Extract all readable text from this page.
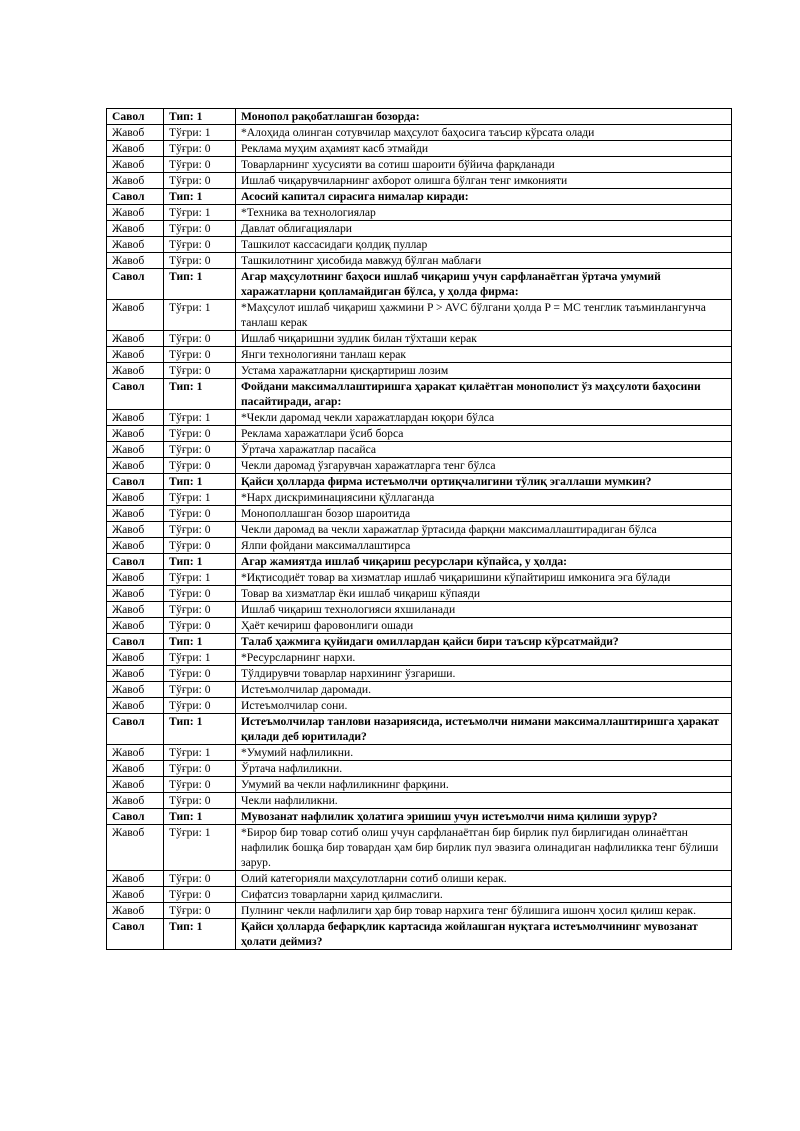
Савол	Тип: 1	Монопол рақобатлашган бозорда:
Жавоб	Тўғри: 1	*Алоҳида олинган сотувчилар маҳсулот баҳосига таъсир кўрсата олади
Жавоб	Тўғри: 0	Реклама муҳим аҳамият касб этмайди
Жавоб	Тўғри: 0	Товарларнинг хусусияти ва сотиш шароити бўйича фарқланади
Жавоб	Тўғри: 0	Ишлаб чиқарувчиларнинг ахборот олишга бўлган тенг имконияти
Савол	Тип: 1	Асосий капитал сирасига нималар киради:
Жавоб	Тўғри: 1	*Техника ва технологиялар
Жавоб	Тўғри: 0	Давлат облигациялари
Жавоб	Тўғри: 0	Ташкилот кассасидаги қолдиқ пуллар
Жавоб	Тўғри: 0	Ташкилотнинг ҳисобида мавжуд бўлган маблағи
Савол	Тип: 1	Агар маҳсулотнинг баҳоси ишлаб чиқариш учун сарфланаётган ўртача умумий харажатларни қопламайдиган бўлса, у ҳолда фирма:
Жавоб	Тўғри: 1	*Маҳсулот ишлаб чиқариш ҳажмини P > AVC бўлгани ҳолда P = MC тенглик таъминлангунча танлаш керак
Жавоб	Тўғри: 0	Ишлаб чиқаришни зудлик билан тўхташи керак
Жавоб	Тўғри: 0	Янги технологияни танлаш керак
Жавоб	Тўғри: 0	Устама харажатларни қисқартириш лозим
Савол	Тип: 1	Фойдани максималлаштиришга ҳаракат қилаётган монополист ўз маҳсулоти баҳосини пасайтиради, агар:
Жавоб	Тўғри: 1	*Чекли даромад чекли харажатлардан юқори бўлса
Жавоб	Тўғри: 0	Реклама харажатлари ўсиб борса
Жавоб	Тўғри: 0	Ўртача харажатлар пасайса
Жавоб	Тўғри: 0	Чекли даромад ўзгарувчан харажатларга тенг бўлса
Савол	Тип: 1	Қайси ҳолларда фирма истеъмолчи ортиқчалигини тўлиқ эгаллаши мумкин?
Жавоб	Тўғри: 1	*Нарх дискриминациясини қўллаганда
Жавоб	Тўғри: 0	Монополлашган бозор шароитида
Жавоб	Тўғри: 0	Чекли даромад ва чекли харажатлар ўртасида фарқни максималлаштирадиган бўлса
Жавоб	Тўғри: 0	Ялпи фойдани максималлаштирса
Савол	Тип: 1	Агар жамиятда ишлаб чиқариш ресурслари кўпайса, у ҳолда:
Жавоб	Тўғри: 1	*Иқтисодиёт товар ва хизматлар ишлаб чиқаришини кўпайтириш имконига эга бўлади
Жавоб	Тўғри: 0	Товар ва хизматлар ёки ишлаб чиқариш кўпаяди
Жавоб	Тўғри: 0	Ишлаб чиқариш технологияси яхшиланади
Жавоб	Тўғри: 0	Ҳаёт кечириш фаровонлиги ошади
Савол	Тип: 1	Талаб ҳажмига қуйидаги омиллардан қайси бири таъсир кўрсатмайди?
Жавоб	Тўғри: 1	*Ресурсларнинг нархи.
Жавоб	Тўғри: 0	Тўлдирувчи товарлар нархининг ўзгариши.
Жавоб	Тўғри: 0	Истеъмолчилар даромади.
Жавоб	Тўғри: 0	Истеъмолчилар сони.
Савол	Тип: 1	Истеъмолчилар танлови назариясида, истеъмолчи нимани максималлаштиришга ҳаракат қилади деб юритилади?
Жавоб	Тўғри: 1	*Умумий нафлиликни.
Жавоб	Тўғри: 0	Ўртача нафлиликни.
Жавоб	Тўғри: 0	Умумий ва чекли нафлиликнинг фарқини.
Жавоб	Тўғри: 0	Чекли нафлиликни.
Савол	Тип: 1	Мувозанат нафлилик ҳолатига эришиш учун истеъмолчи нима қилиши зурур?
Жавоб	Тўғри: 1	*Бирор бир товар сотиб олиш учун сарфланаётган бир бирлик пул бирлигидан олинаётган нафлилик бошқа бир товардан ҳам бир бирлик пул эвазига олинадиган нафлиликка тенг бўлиши зарур.
Жавоб	Тўғри: 0	Олий категорияли маҳсулотларни сотиб олиши керак.
Жавоб	Тўғри: 0	Сифатсиз товарларни харид қилмаслиги.
Жавоб	Тўғри: 0	Пулнинг чекли нафлилиги ҳар бир товар нархига тенг бўлишига ишонч ҳосил қилиш керак.
Савол	Тип: 1	Қайси ҳолларда бефарқлик картасида жойлашган нуқтага истеъмолчининг мувозанат ҳолати деймиз?
